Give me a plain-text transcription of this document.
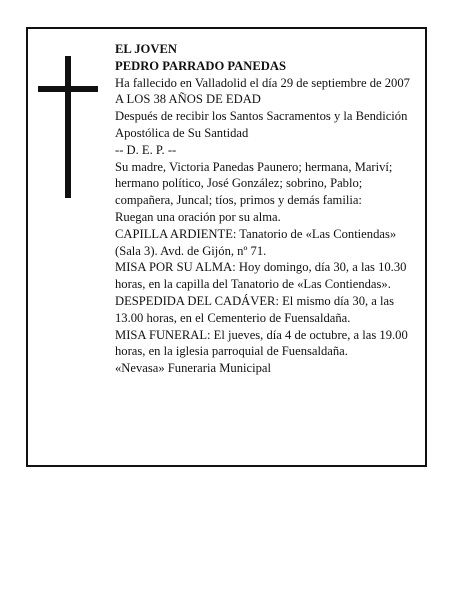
EL JOVEN

PEDRO PARRADO PANEDAS

Ha fallecido en Valladolid el día 29 de septiembre de 2007

A LOS 38 AÑOS DE EDAD

Después de recibir los Santos Sacramentos y la Bendición Apostólica de Su Santidad

-- D. E. P. --

Su madre, Victoria Panedas Paunero; hermana, Mariví; hermano político, José González; sobrino, Pablo; compañera, Juncal; tíos, primos y demás familia:

Ruegan una oración por su alma.

CAPILLA ARDIENTE: Tanatorio de «Las Contiendas» (Sala 3). Avd. de Gijón, nº 71.

MISA POR SU ALMA: Hoy domingo, día 30, a las 10.30 horas, en la capilla del Tanatorio de «Las Contiendas».

DESPEDIDA DEL CADÁVER: El mismo día 30, a las 13.00 horas, en el Cementerio de Fuensaldaña.

MISA FUNERAL: El jueves, día 4 de octubre, a las 19.00 horas, en la iglesia parroquial de Fuensaldaña.

«Nevasa» Funeraria Municipal
